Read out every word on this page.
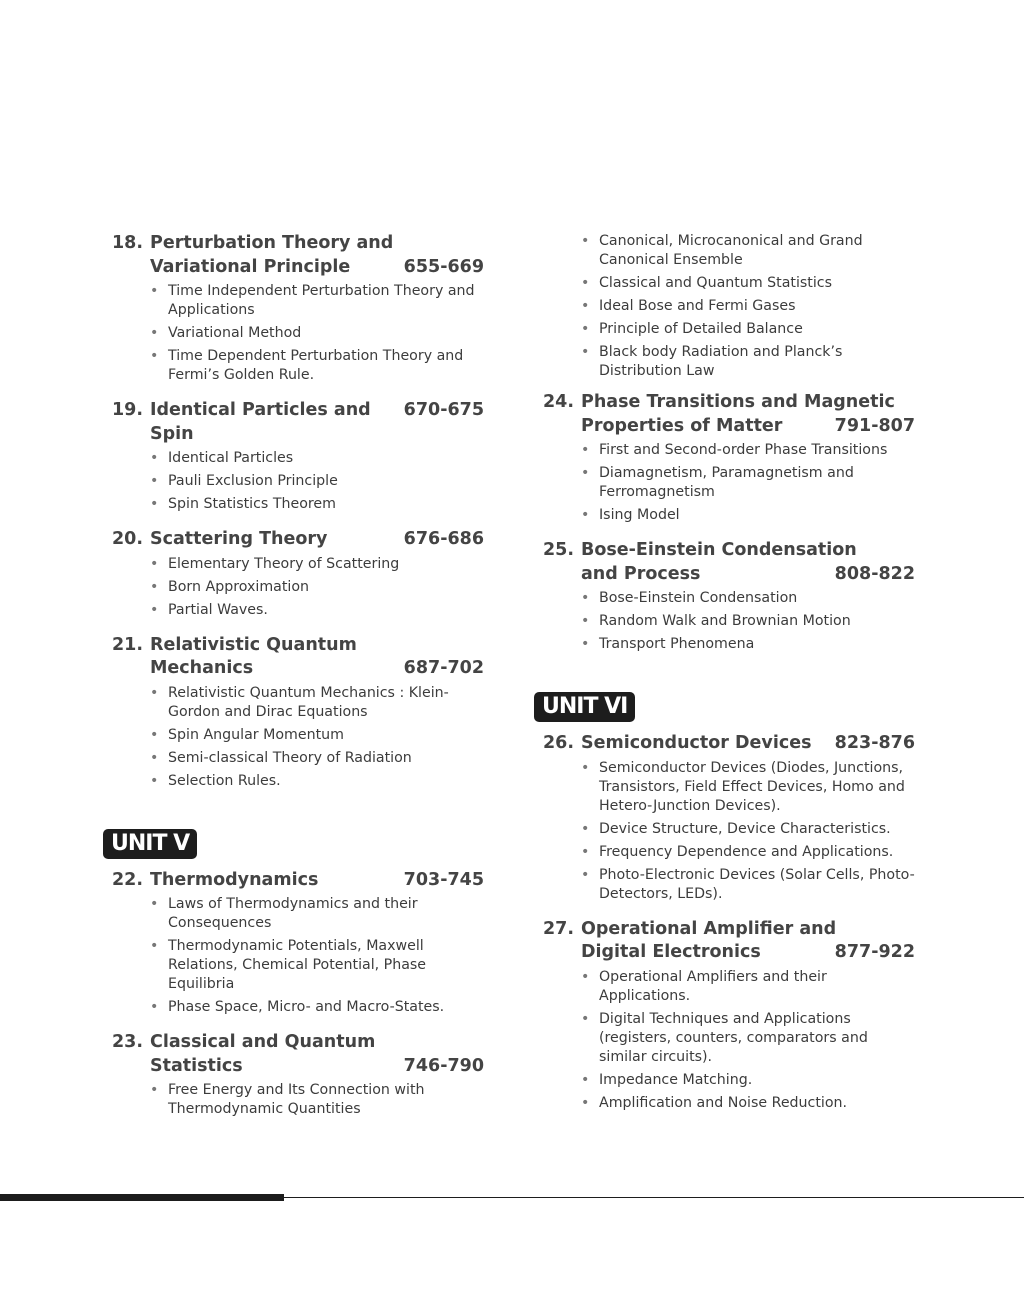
18. Perturbation Theory and
Variational Principle	655-669
• Time Independent Perturbation Theory and Applications
• Variational Method
• Time Dependent Perturbation Theory and Fermi’s Golden Rule.
19. Identical Particles and Spin
670-675
• Identical Particles
• Pauli Exclusion Principle
• Spin Statistics Theorem
20. Scattering Theory	676-686
• Elementary Theory of Scattering
• Born Approximation
• Partial Waves.
21. Relativistic Quantum
Mechanics	687-702
• Relativistic Quantum Mechanics : Klein-Gordon and Dirac Equations
• Spin Angular Momentum
• Semi-classical Theory of Radiation
• Selection Rules.
UNIT V
22. Thermodynamics	703-745
• Laws of Thermodynamics and their Consequences
• Thermodynamic Potentials, Maxwell Relations, Chemical Potential, Phase Equilibria
• Phase Space, Micro- and Macro-States.
23. Classical and Quantum
Statistics	746-790
• Free Energy and Its Connection with Thermodynamic Quantities
• Canonical, Microcanonical and Grand Canonical Ensemble
• Classical and Quantum Statistics
• Ideal Bose and Fermi Gases
• Principle of Detailed Balance
• Black body Radiation and Planck’s Distribution Law
24. Phase Transitions and Magnetic
Properties of Matter	791-807
• First and Second-order Phase Transitions
• Diamagnetism, Paramagnetism and Ferromagnetism
• Ising Model
25. Bose-Einstein Condensation
and Process	808-822
• Bose-Einstein Condensation
• Random Walk and Brownian Motion
• Transport Phenomena
UNIT VI
26. Semiconductor Devices 823-876
• Semiconductor Devices (Diodes, Junctions, Transistors, Field Effect Devices, Homo and Hetero-Junction Devices).
• Device Structure, Device Characteristics.
• Frequency Dependence and Applications.
• Photo-Electronic Devices (Solar Cells, Photo-Detectors, LEDs).
27. Operational Amplifier and
Digital Electronics	877-922
• Operational Amplifiers and their Applications.
• Digital Techniques and Applications (registers, counters, comparators and similar circuits).
• Impedance Matching.
• Amplification and Noise Reduction.
